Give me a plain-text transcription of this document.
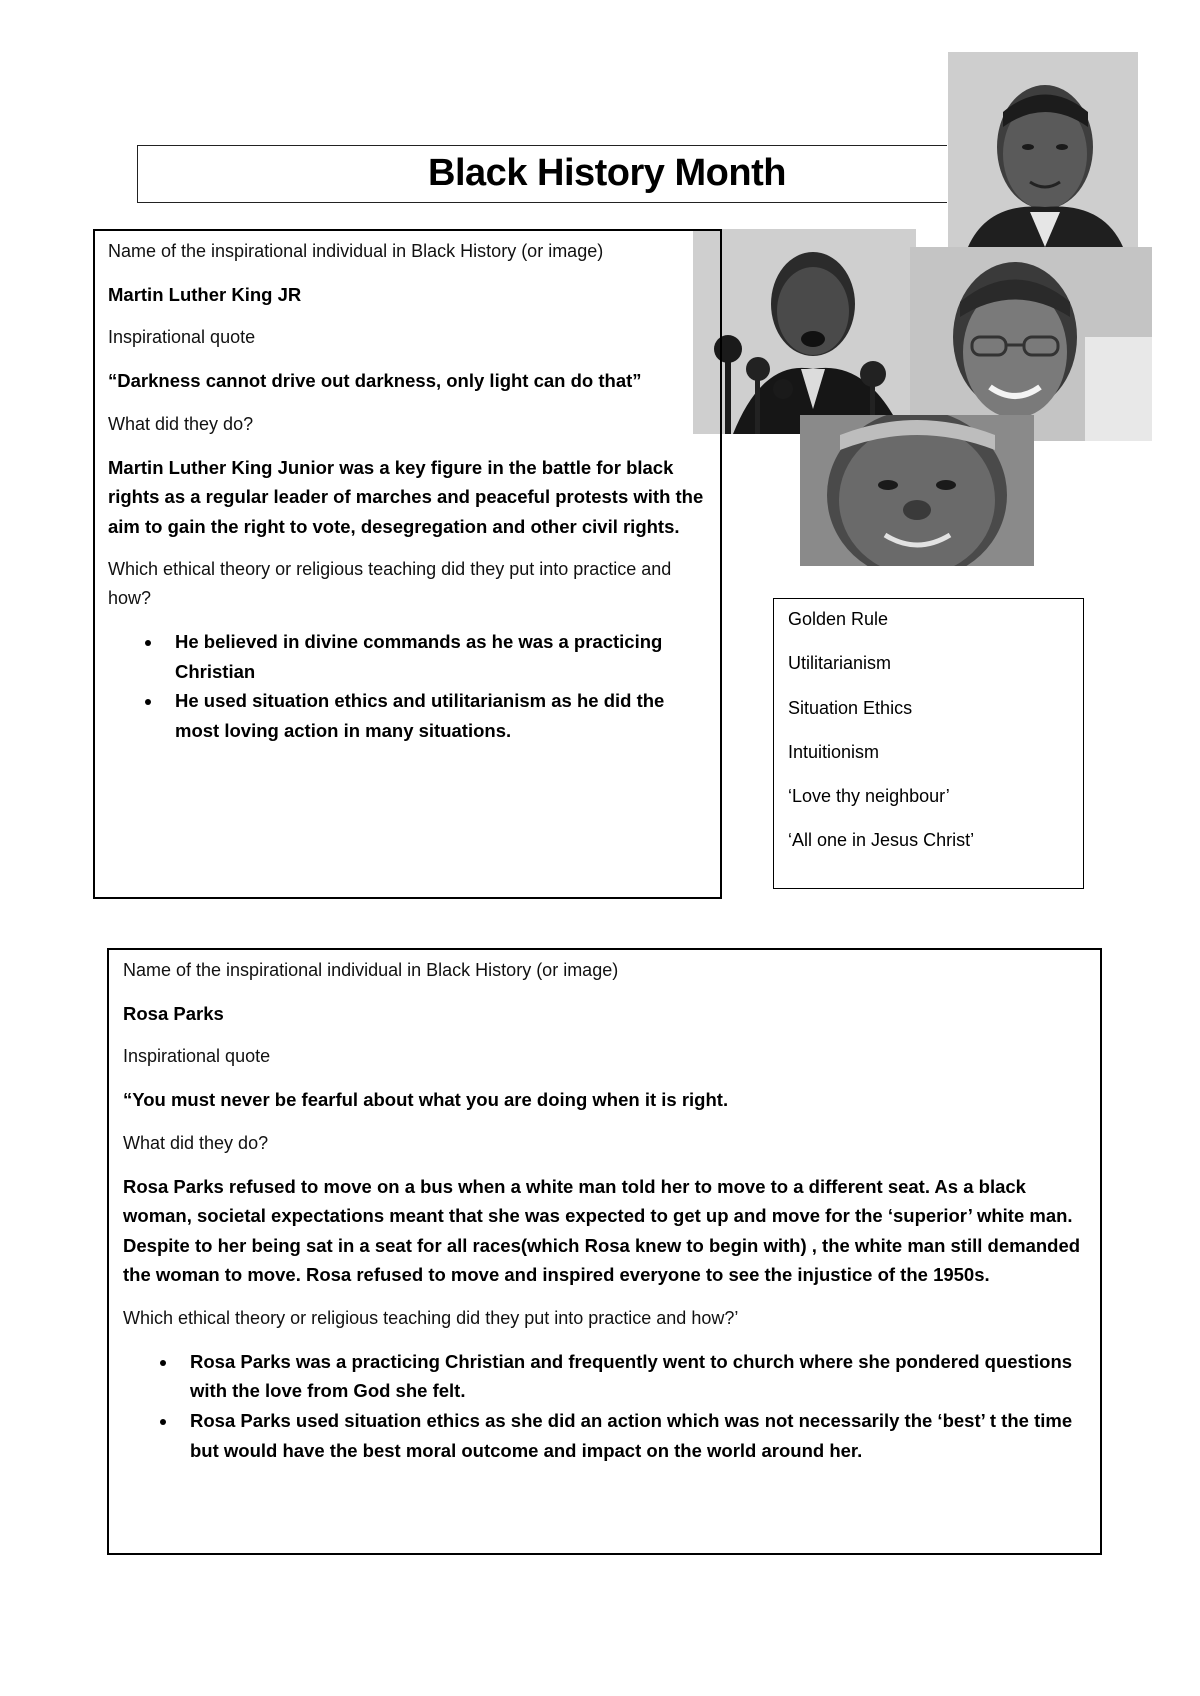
Black History Month

Name of the inspirational individual in Black History (or image)

Martin Luther King JR

Inspirational quote

“Darkness cannot drive out darkness, only light can do that”

What did they do?

Martin Luther King Junior was a key figure in the battle for black rights as a regular leader of marches and peaceful protests with the aim to gain the right to vote, desegregation and other civil rights.

Which ethical theory or religious teaching did they put into practice and how?

• He believed in divine commands as he was a practicing Christian
• He used situation ethics and utilitarianism as he did the most loving action in many situations.

Golden Rule

Utilitarianism

Situation Ethics

Intuitionism

‘Love thy neighbour’

‘All one in Jesus Christ’

Name of the inspirational individual in Black History (or image)

Rosa Parks

Inspirational quote

“You must never be fearful about what you are doing when it is right.

What did they do?

Rosa Parks refused to move on a bus when a white man told her to move to a different seat. As a black woman, societal expectations meant that she was expected to get up and move for the ‘superior’ white man. Despite to her being sat in a seat for all races(which Rosa knew to begin with) , the white man still demanded the woman to move. Rosa refused to move and inspired everyone to see the injustice of the 1950s.

Which ethical theory or religious teaching did they put into practice and how?’

• Rosa Parks was a practicing Christian and frequently went to church where she pondered questions with the love from God she felt.
• Rosa Parks used situation ethics as she did an action which was not necessarily the ‘best’ t the time but would have the best moral outcome and impact on the world around her.
